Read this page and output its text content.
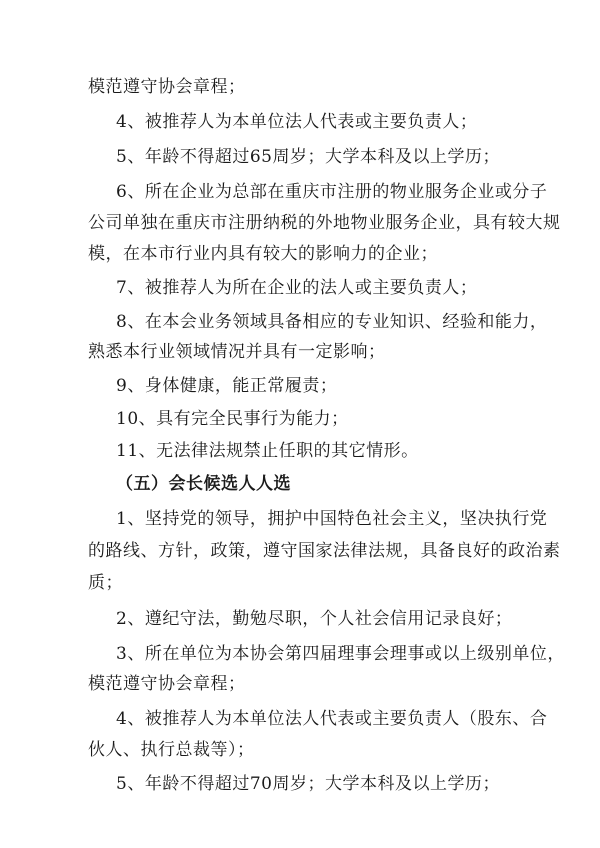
模范遵守协会章程；
4、被推荐人为本单位法人代表或主要负责人；
5、年龄不得超过65周岁；大学本科及以上学历；
6、所在企业为总部在重庆市注册的物业服务企业或分子
公司单独在重庆市注册纳税的外地物业服务企业，具有较大规
模，在本市行业内具有较大的影响力的企业；
7、被推荐人为所在企业的法人或主要负责人；
8、在本会业务领域具备相应的专业知识、经验和能力，
熟悉本行业领域情况并具有一定影响；
9、身体健康，能正常履责；
10、具有完全民事行为能力；
11、无法律法规禁止任职的其它情形。
（五）会长候选人人选
1、坚持党的领导，拥护中国特色社会主义，坚决执行党
的路线、方针，政策，遵守国家法律法规，具备良好的政治素
质；
2、遵纪守法，勤勉尽职，个人社会信用记录良好；
3、所在单位为本协会第四届理事会理事或以上级别单位，
模范遵守协会章程；
4、被推荐人为本单位法人代表或主要负责人（股东、合
伙人、执行总裁等）；
5、年龄不得超过70周岁；大学本科及以上学历；
